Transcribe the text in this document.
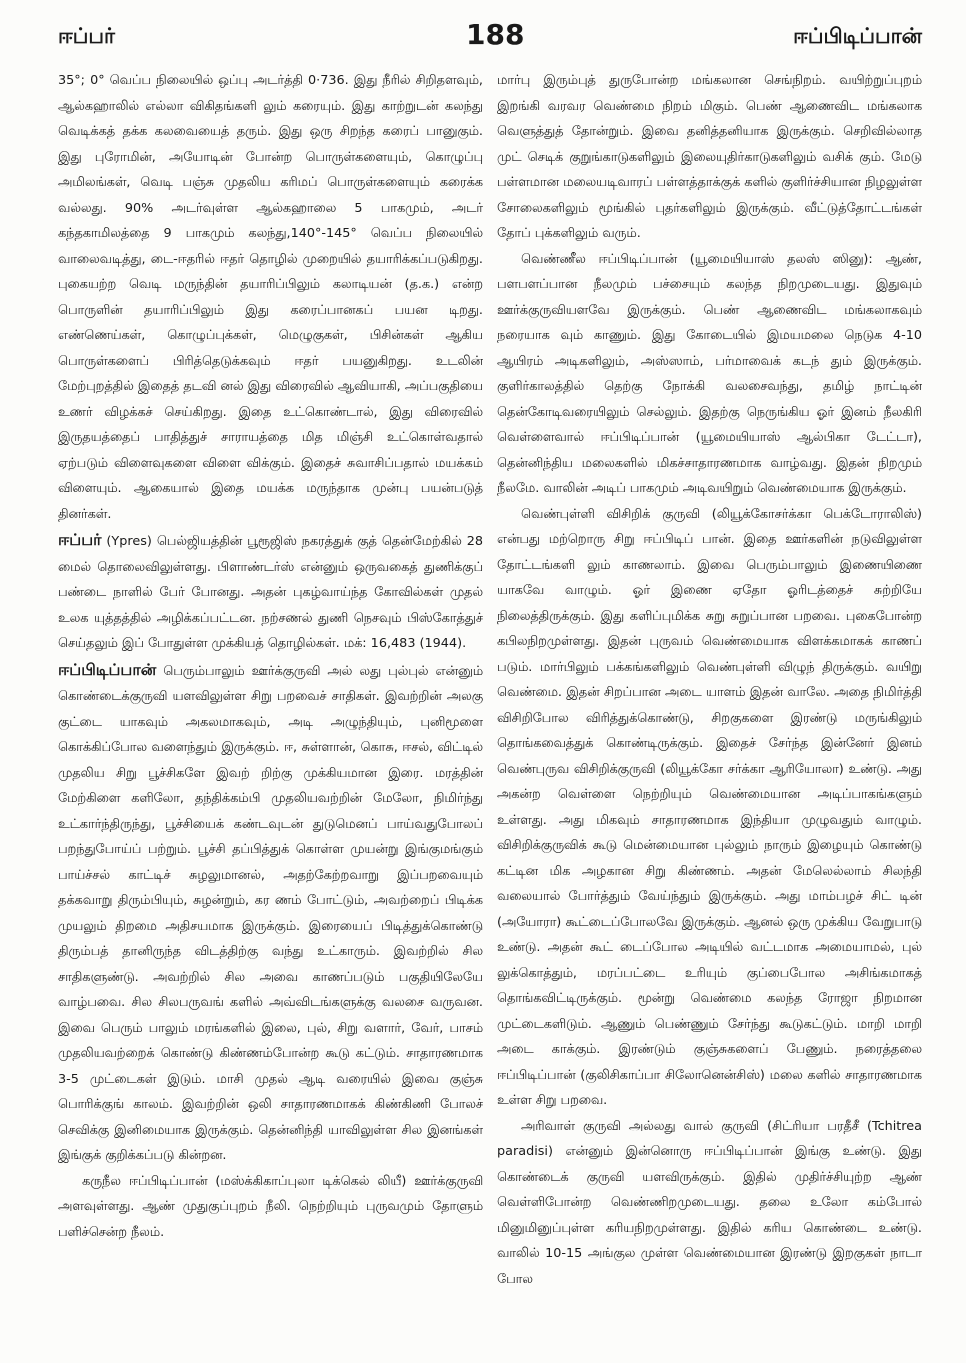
ஈப்பர்	188	ஈப்பிடிப்பான்

35°; 0° வெப்ப நிலையில் ஒப்பு அடர்த்தி 0·736. இது நீரில் சிறிதளவும், ஆல்கஹாலில் எல்லா விகிதங்களி லும் கரையும். இது காற்றுடன் கலந்து வெடிக்கத் தக்க கலவையைத் தரும். இது ஒரு சிறந்த கரைப் பானுகும். இது புரோமின், அயோடின் போன்ற பொருள்களையும், கொழுப்பு அமிலங்கள், வெடி பஞ்சு முதலிய கரிமப் பொருள்களையும் கரைக்க வல்லது. 90% அடர்வுள்ள ஆல்கஹாலை 5 பாகமும், அடர் கந்தகாமிலத்தை 9 பாகமும் கலந்து,140°-145° வெப்ப நிலையில் வாலைவடித்து, டை-ஈதரில் ஈதர் தொழில் முறையில் தயாரிக்கப்படுகிறது. புகையற்ற வெடி மருந்தின் தயாரிப்பிலும் கலாடியன் (த.க.) என்ற பொருளின் தயாரிப்பிலும் இது கரைப்பானகப் பயன டிறது. எண்ணெய்கள், கொழுப்புக்கள், மெழுகுகள், பிசின்கள் ஆகிய பொருள்களைப் பிரித்தெடுக்கவும் ஈதர் பயனுகிறது. உடலின் மேற்புறத்தில் இதைத் தடவி னல் இது விரைவில் ஆவியாகி, அப்பகுதியை உணர் விழக்கச் செய்கிறது. இதை உட்கொண்டால், இது விரைவில் இருதயத்தைப் பாதித்துச் சாராயத்தை மித மிஞ்சி உட்கொள்வதால் ஏற்படும் விளைவுகளை விளை விக்கும். இதைச் சுவாசிப்பதால் மயக்கம் விளையும். ஆகையால் இதை மயக்க மருந்தாக முன்பு பயன்படுத் தினர்கள்.

ஈப்பர் (Ypres) பெல்ஜியத்தின் பூரூஜிஸ் நகரத்துக் குத் தென்மேற்கில் 28 மைல் தொலைவிலுள்ளது. பிளாண்டர்ஸ் என்னும் ஒருவகைத் துணிக்குப் பண்டை நாளில் பேர் போனது. அதன் புகழ்வாய்ந்த கோவில்கள் முதல் உலக யுத்தத்தில் அழிக்கப்பட்டன. நற்சணல் துணி நெசவும் பிஸ்கோத்துச் செய்தலும் இப் போதுள்ள முக்கியத் தொழில்கள். மக்: 16,483 (1944).

ஈப்பிடிப்பான் பெரும்பாலும் ஊர்க்குருவி அல் லது புல்புல் என்னும் கொண்டைக்குருவி யளவிலுள்ள சிறு பறவைச் சாதிகள். இவற்றின் அலகு குட்டை யாகவும் அகலமாகவும், அடி அழுந்தியும், புனிமூளை கொக்கிப்போல வளைந்தும் இருக்கும். ஈ, சுள்ளான், கொசு, ஈசல், விட்டில் முதலிய சிறு பூச்சிகளே இவற் றிற்கு முக்கியமான இரை. மரத்தின் மேற்கிளை களிலோ, தந்திக்கம்பி முதலியவற்றின் மேலோ, நிமிர்ந்து உட்கார்ந்திருந்து, பூச்சியைக் கண்டவுடன் துடுமெனப் பாய்வதுபோலப் பறந்துபோய்ப் பற்றும். பூச்சி தப்பித்துக் கொள்ள முயன்று இங்குமங்கும் பாய்ச்சல் காட்டிச் சுழலுமானல், அதற்கேற்றவாறு இப்பறவையும் தக்கவாறு திரும்பியும், சுழன்றும், கர ணம் போட்டும், அவற்றைப் பிடிக்க முயலும் திறமை அதிசயமாக இருக்கும். இரையைப் பிடித்துக்கொண்டு திரும்பத் தானிருந்த விடத்திற்கு வந்து உட்காரும். இவற்றில் சில சாதிகளுண்டு. அவற்றில் சில அவை காணப்படும் பகுதியிலேயே வாழ்பவை. சில சிலபருவங் களில் அவ்விடங்களுக்கு வலசை வருவன. இவை பெரும் பாலும் மரங்களில் இலை, புல், சிறு வளார், வேர், பாசம் முதலியவற்றைக் கொண்டு கிண்ணம்போன்ற கூடு கட்டும். சாதாரணமாக 3-5 முட்டைகள் இடும். மாசி முதல் ஆடி வரையில் இவை குஞ்சு பொரிக்குங் காலம். இவற்றின் ஒலி சாதாரணமாகக் கிண்கிணி போலச் செவிக்கு இனிமையாக இருக்கும். தென்னிந்தி யாவிலுள்ள சில இனங்கள் இங்குக் குறிக்கப்படு கின்றன.

கருநீல ஈப்பிடிப்பான் (மஸ்க்கிகாப்புலா டிக்கெல் லியீ) ஊர்க்குருவி அளவுள்ளது. ஆண் முதுகுப்புறம் நீலி. நெற்றியும் புருவமும் தோளும் பளிச்சென்ற நீலம்.

மார்பு இரும்புத் துருபோன்ற மங்கலான செங்நிறம். வயிற்றுப்புறம் இறங்கி வரவர வெண்மை நிறம் மிகும். பெண் ஆணைவிட மங்கலாக வெளுத்துத் தோன்றும். இவை தனித்தனியாக இருக்கும். செறிவில்லாத முட் செடிக் குறுங்காடுகளிலும் இலையுதிர்காடுகளிலும் வசிக் கும். மேடு பள்ளமான மலையடிவாரப் பள்ளத்தாக்குக் களில் குளிர்ச்சியான நிழலுள்ள சோலைகளிலும் மூங்கில் புதர்களிலும் இருக்கும். வீட்டுத்தோட்டங்கள் தோப் புக்களிலும் வரும்.

வெண்ணீல ஈப்பிடிப்பான் (யூமையியாஸ் தலஸ் ஸினு): ஆண், பளபளப்பான நீலமும் பச்சையும் கலந்த நிறமுடையது. இதுவும் ஊர்க்குருவியளவே இருக்கும். பெண் ஆணைவிட மங்கலாகவும் நரையாக வும் காணும். இது கோடையில் இமயமலை நெடுக 4-10 ஆயிரம் அடிகளிலும், அஸ்ஸாம், பர்மாவைக் கடந் தும் இருக்கும். குளிர்காலத்தில் தெற்கு நோக்கி வலசைவந்து, தமிழ் நாட்டின் தென்கோடிவரையிலும் செல்லும். இதற்கு நெருங்கிய ஓர் இனம் நீலகிரி வெள்ளைவால் ஈப்பிடிப்பான் (யூமையியாஸ் ஆல்பிகா டேட்டா), தென்னிந்திய மலைகளில் மிகச்சாதாரணமாக வாழ்வது. இதன் நிறமும் நீலமே. வாலின் அடிப் பாகமும் அடிவயிறும் வெண்மையாக இருக்கும்.

வெண்புள்ளி விசிறிக் குருவி (லியூக்கோசர்க்கா பெக்டோராலிஸ்) என்பது மற்றொரு சிறு ஈப்பிடிப் பான். இதை ஊர்களின் நடுவிலுள்ள தோட்டங்களி லும் காணலாம். இவை பெரும்பாலும் இணையிணை யாகவே வாழும். ஓர் இணை ஏதோ ஓரிடத்தைச் சுற்றியே நிலைத்திருக்கும். இது களிப்புமிக்க சுறு சுறுப்பான பறவை. புகைபோன்ற கபிலநிறமுள்ளது. இதன் புருவம் வெண்மையாக விளக்கமாகக் காணப் படும். மார்பிலும் பக்கங்களிலும் வெண்புள்ளி விழுந் திருக்கும். வயிறு வெண்மை. இதன் சிறப்பான அடை யாளம் இதன் வாலே. அதை நிமிர்த்தி விசிறிபோல விரித்துக்கொண்டு, சிறகுகளை இரண்டு மருங்கிலும் தொங்கவைத்துக் கொண்டிருக்கும். இதைச் சேர்ந்த இன்னேர் இனம் வெண்புருவ விசிறிக்குருவி (லியூக்கோ சர்க்கா ஆரியோலா) உண்டு. அது அகன்ற வெள்ளை நெற்றியும் வெண்மையான அடிப்பாகங்களும் உள்ளது. அது மிகவும் சாதாரணமாக இந்தியா முழுவதும் வாழும். விசிறிக்குருவிக் கூடு மென்மையான புல்லும் நாரும் இழையும் கொண்டு கட்டின மிக அழகான சிறு கிண்ணம். அதன் மேலெல்லாம் சிலந்தி வலையால் போர்த்தும் வேய்ந்தும் இருக்கும். அது மாம்பழச் சிட் டின் (அயோரா) கூட்டைப்போலவே இருக்கும். ஆனல் ஒரு முக்கிய வேறுபாடு உண்டு. அதன் கூட் டைப்போல அடியில் வட்டமாக அமையாமல், புல் லுக்கொத்தும், மரப்பட்டை உரியும் குப்பைபோல அசிங்கமாகத் தொங்கவிட்டிருக்கும். மூன்று வெண்மை கலந்த ரோஜா நிறமான முட்டைகளிடும். ஆணும் பெண்ணும் சேர்ந்து கூடுகட்டும். மாறி மாறி அடை காக்கும். இரண்டும் குஞ்சுகளைப் பேணும். நரைத்தலை ஈப்பிடிப்பான் (குலிசிகாப்பா சிலோனென்சிஸ்) மலை களில் சாதாரணமாக உள்ள சிறு பறவை.

அரிவாள் குருவி அல்லது வால் குருவி (சிட்ரியா பரதீசீ (Tchitrea paradisi) என்னும் இன்னொரு ஈப்பிடிப்பான் இங்கு உண்டு. இது கொண்டைக் குருவி யளவிருக்கும். இதில் முதிர்ச்சியுற்ற ஆண் வெள்ளிபோன்ற வெண்ணிறமுடையது. தலை உலோ கம்போல் மினுமினுப்புள்ள கரியநிறமுள்ளது. இதில் கரிய கொண்டை உண்டு. வாலில் 10-15 அங்குல முள்ள வெண்மையான இரண்டு இறகுகள் நாடா போல
